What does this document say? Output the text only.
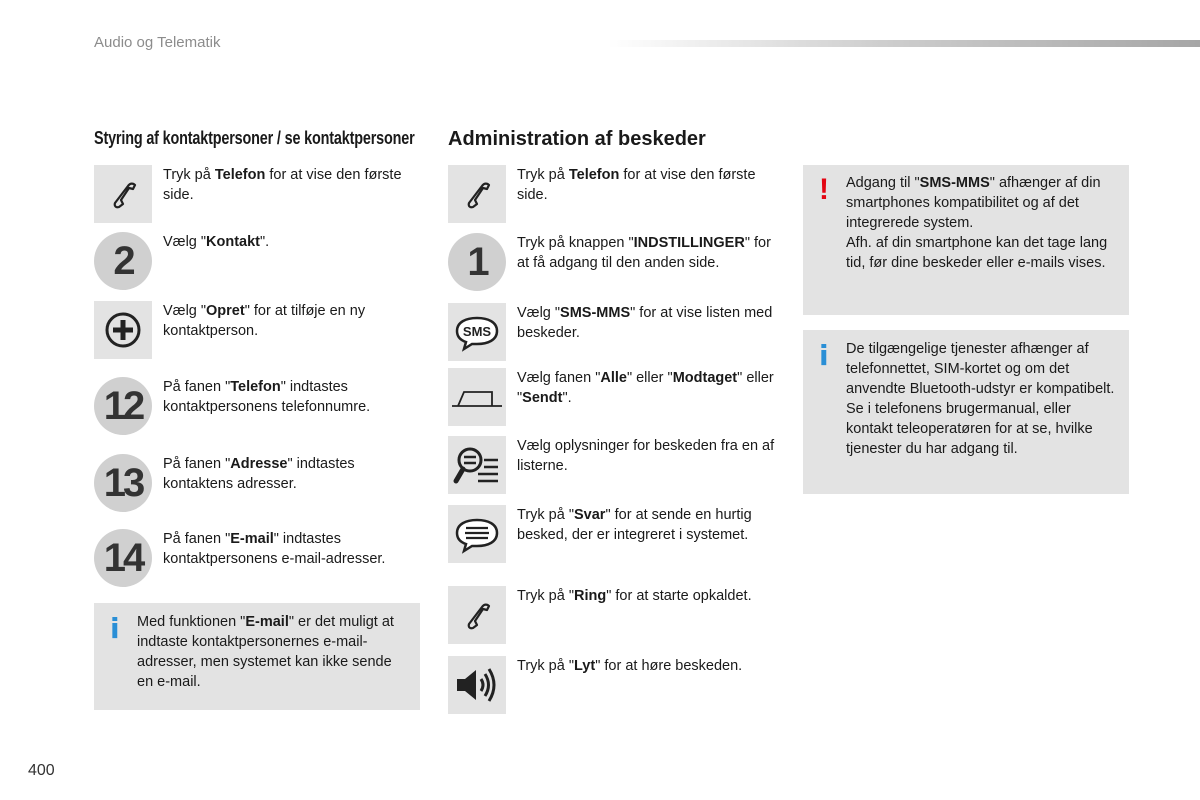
Audio og Telematik
Styring af kontaktpersoner / se kontaktpersoner
Tryk på Telefon for at vise den første side.
2	Vælg "Kontakt".
Vælg "Opret" for at tilføje en ny kontaktperson.
12	På fanen "Telefon" indtastes kontaktpersonens telefonnumre.
13	På fanen "Adresse" indtastes kontaktens adresser.
14	På fanen "E-mail" indtastes kontaktpersonens e-mail-adresser.
i Med funktionen "E-mail" er det muligt at indtaste kontaktpersonernes e-mail-adresser, men systemet kan ikke sende en e-mail.
Administration af beskeder
Tryk på Telefon for at vise den første side.
1	Tryk på knappen "INDSTILLINGER" for at få adgang til den anden side.
SMS
Vælg "SMS-MMS" for at vise listen med beskeder.
Vælg fanen "Alle" eller "Modtaget" eller "Sendt".
Vælg oplysninger for beskeden fra en af listerne.
Tryk på "Svar" for at sende en hurtig besked, der er integreret i systemet.
Tryk på "Ring" for at starte opkaldet.
Tryk på "Lyt" for at høre beskeden.
! Adgang til "SMS-MMS" afhænger af din smartphones kompatibilitet og af det integrerede system.
Afh. af din smartphone kan det tage lang tid, før dine beskeder eller e-mails vises.
i De tilgængelige tjenester afhænger af telefonnettet, SIM-kortet og om det anvendte Bluetooth-udstyr er kompatibelt.
Se i telefonens brugermanual, eller kontakt teleoperatøren for at se, hvilke tjenester du har adgang til.
400
